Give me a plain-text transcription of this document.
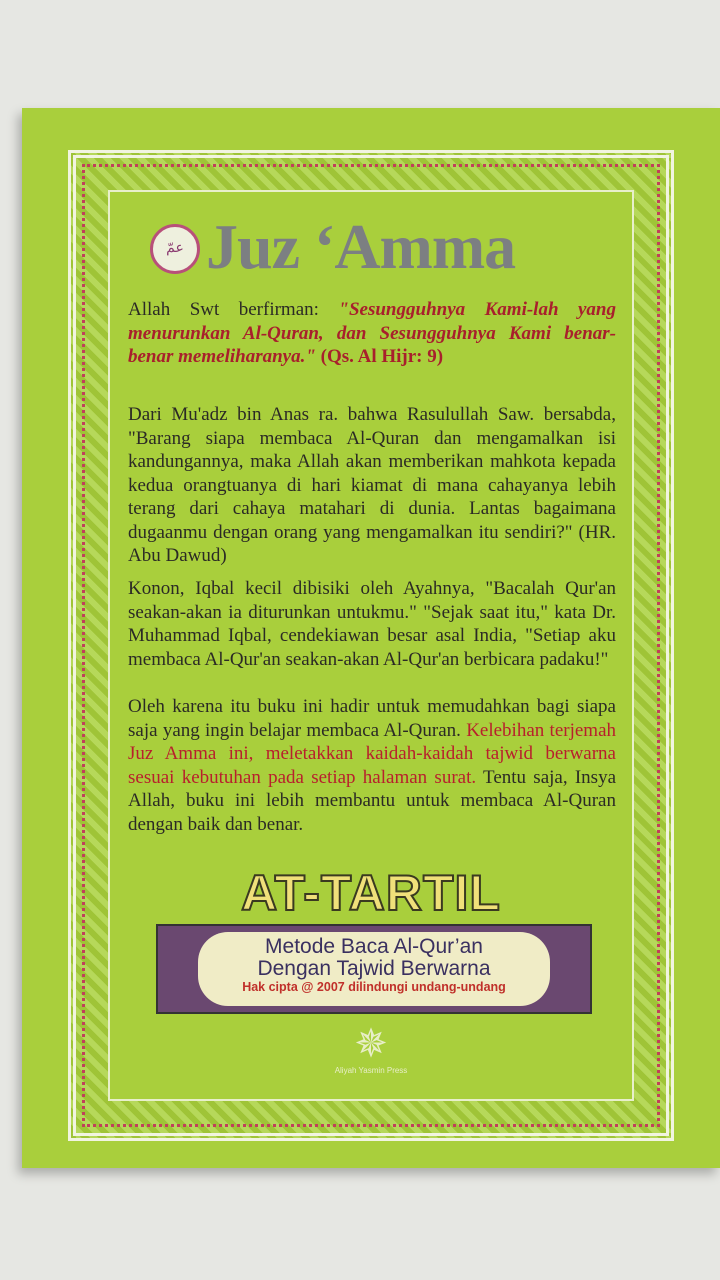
عمّ Juz ‘Amma
Allah Swt berfirman: "Sesungguhnya Kami-lah yang menurunkan Al-Quran, dan Sesungguhnya Kami benar-benar memeliharanya." (Qs. Al Hijr: 9)
Dari Mu'adz bin Anas ra. bahwa Rasulullah Saw. bersabda, "Barang siapa membaca Al-Quran dan mengamalkan isi kandungannya, maka Allah akan memberikan mahkota kepada kedua orangtuanya di hari kiamat di mana cahayanya lebih terang dari cahaya matahari di dunia. Lantas bagaimana dugaanmu dengan orang yang mengamalkan itu sendiri?" (HR. Abu Dawud)
Konon, Iqbal kecil dibisiki oleh Ayahnya, "Bacalah Qur'an seakan-akan ia diturunkan untukmu." "Sejak saat itu," kata Dr. Muhammad Iqbal, cendekiawan besar asal India, "Setiap aku membaca Al-Qur'an seakan-akan Al-Qur'an berbicara padaku!"
Oleh karena itu buku ini hadir untuk memudahkan bagi siapa saja yang ingin belajar membaca Al-Quran. Kelebihan terjemah Juz Amma ini, meletakkan kaidah-kaidah tajwid berwarna sesuai kebutuhan pada setiap halaman surat. Tentu saja, Insya Allah, buku ini lebih membantu untuk membaca Al-Quran dengan baik dan benar.
AT-TARTIL
Metode Baca Al-Qur’an
Dengan Tajwid Berwarna
Hak cipta @ 2007 dilindungi undang-undang
✵
Aliyah Yasmin Press
